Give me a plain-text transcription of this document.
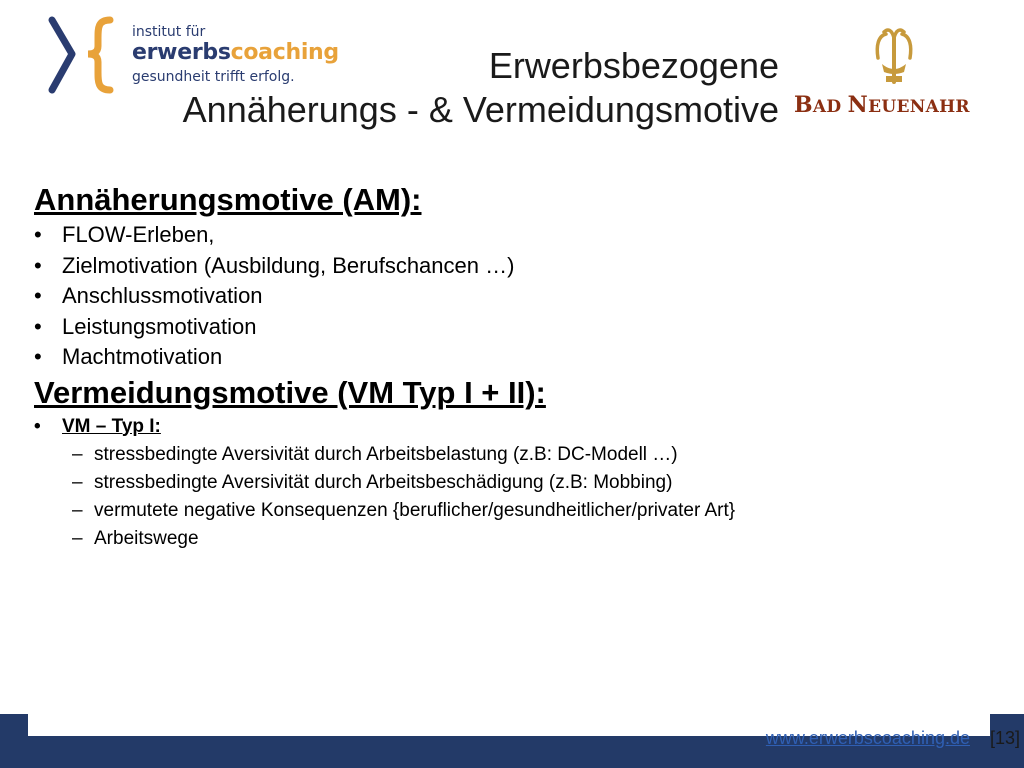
institut für
erwerbscoaching
gesundheit trifft erfolg.	Erwerbsbezogene
Annäherungs - & Vermeidungsmotive BAD NEUENAHR
Annäherungsmotive (AM):
• FLOW-Erleben,
• Zielmotivation (Ausbildung, Berufschancen …)
• Anschlussmotivation
• Leistungsmotivation
• Machtmotivation
Vermeidungsmotive (VM Typ I + II):
• VM – Typ I:
– stressbedingte Aversivität durch Arbeitsbelastung (z.B: DC-Modell …)
– stressbedingte Aversivität durch Arbeitsbeschädigung (z.B: Mobbing)
– vermutete negative Konsequenzen {beruflicher/gesundheitlicher/privater Art}
– Arbeitswege
www.erwerbscoaching.de [13]
